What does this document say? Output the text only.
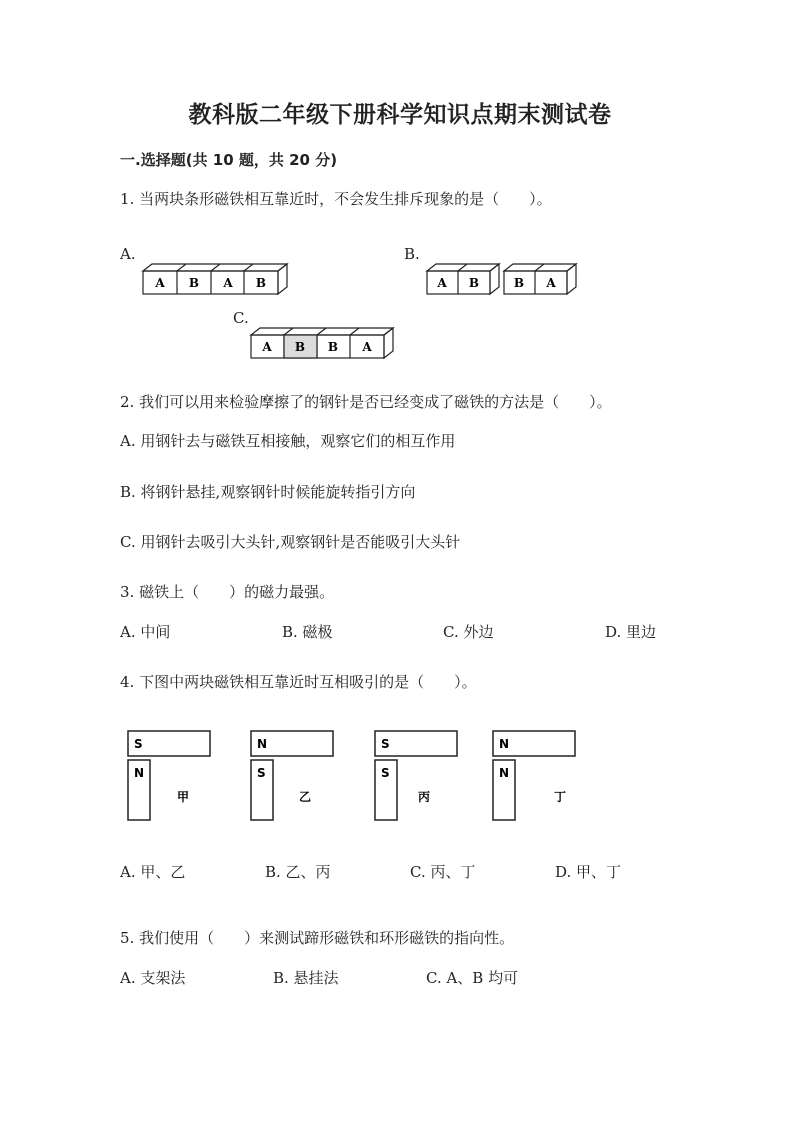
教科版二年级下册科学知识点期末测试卷
一.选择题(共 10 题，共 20 分)
1. 当两块条形磁铁相互靠近时，不会发生排斥现象的是（　　）。
A.	B.
C.
A B A B	A B	B A
A B B A
2. 我们可以用来检验摩擦了的钢针是否已经变成了磁铁的方法是（　　）。
A. 用钢针去与磁铁互相接触，观察它们的相互作用
B. 将钢针悬挂,观察钢针时候能旋转指引方向
C. 用钢针去吸引大头针,观察钢针是否能吸引大头针
3. 磁铁上（　　）的磁力最强。
A. 中间	B. 磁极	C. 外边	D. 里边
4. 下图中两块磁铁相互靠近时互相吸引的是（　　）。
S
N
甲
N
S
乙
S
S
丙
N
N
丁
A. 甲、乙	B. 乙、丙	C. 丙、丁	D. 甲、丁
5. 我们使用（　　）来测试蹄形磁铁和环形磁铁的指向性。
A. 支架法	B. 悬挂法	C. A、B 均可
